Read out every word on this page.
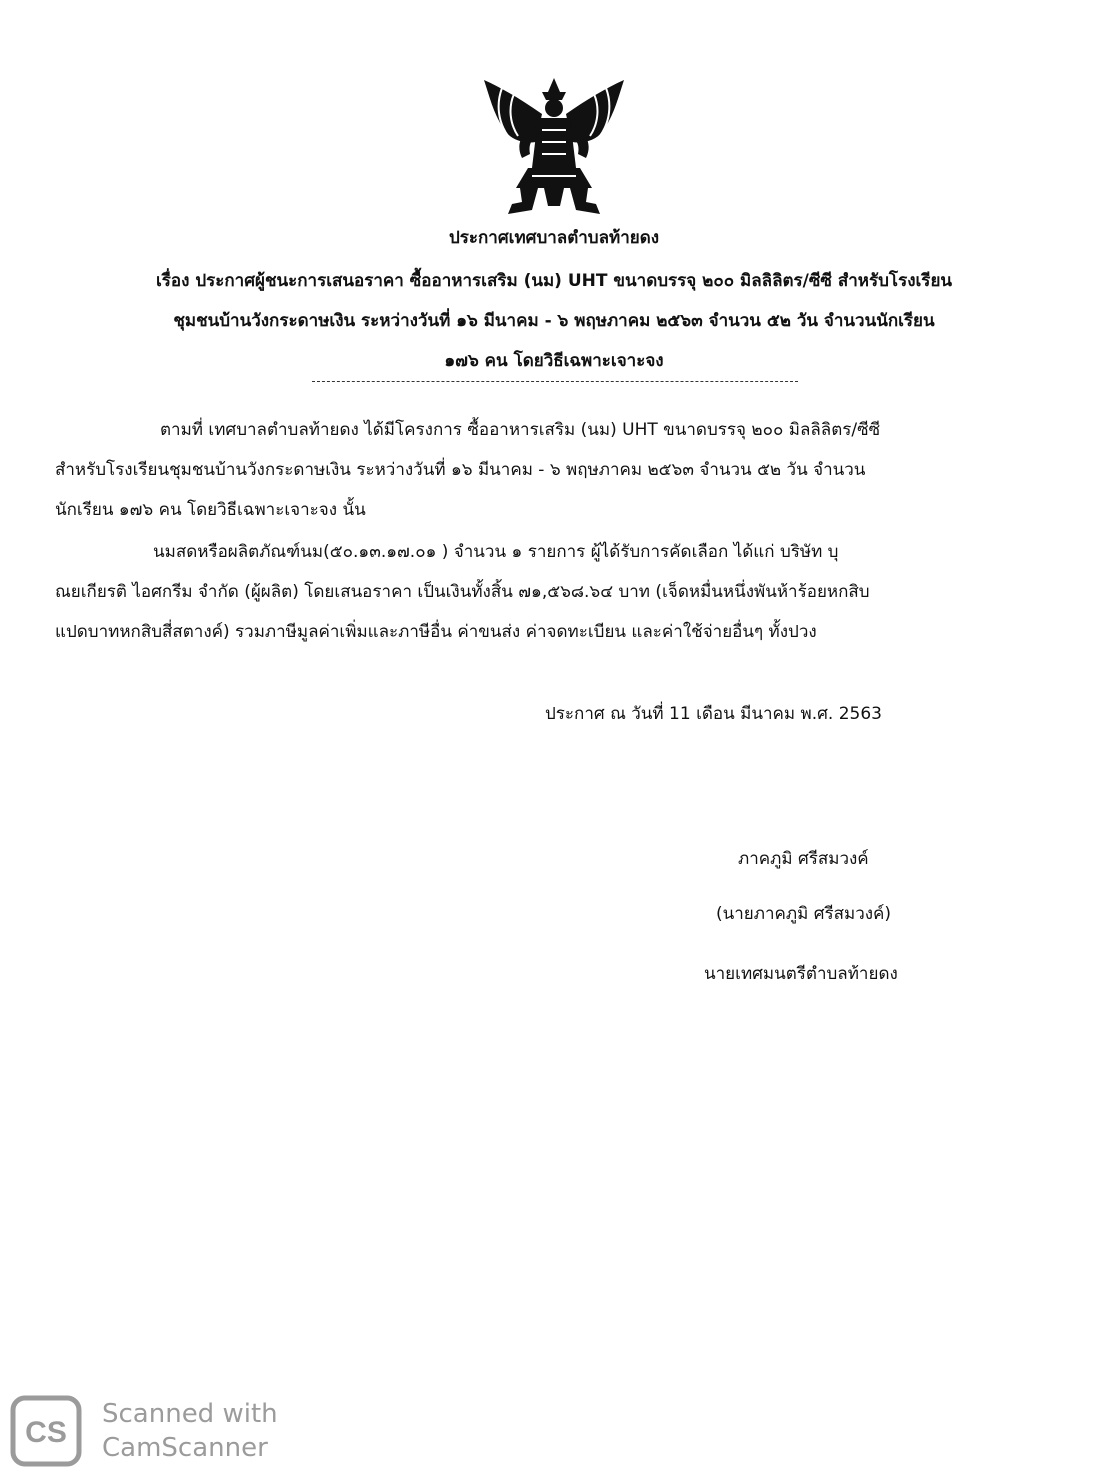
ประกาศเทศบาลตำบลท้ายดง
เรื่อง ประกาศผู้ชนะการเสนอราคา ซื้ออาหารเสริม (นม) UHT ขนาดบรรจุ ๒๐๐ มิลลิลิตร/ซีซี สำหรับโรงเรียน
ชุมชนบ้านวังกระดาษเงิน ระหว่างวันที่ ๑๖ มีนาคม - ๖ พฤษภาคม ๒๕๖๓ จำนวน ๕๒ วัน จำนวนนักเรียน
๑๗๖ คน โดยวิธีเฉพาะเจาะจง
ตามที่ เทศบาลตำบลท้ายดง ได้มีโครงการ ซื้ออาหารเสริม (นม) UHT ขนาดบรรจุ ๒๐๐ มิลลิลิตร/ซีซี
สำหรับโรงเรียนชุมชนบ้านวังกระดาษเงิน ระหว่างวันที่ ๑๖ มีนาคม - ๖ พฤษภาคม ๒๕๖๓ จำนวน ๕๒ วัน จำนวน
นักเรียน ๑๗๖ คน โดยวิธีเฉพาะเจาะจง นั้น
นมสดหรือผลิตภัณฑ์นม(๕๐.๑๓.๑๗.๐๑ ) จำนวน ๑ รายการ ผู้ได้รับการคัดเลือก ได้แก่ บริษัท บุ
ณยเกียรติ ไอศกรีม จำกัด (ผู้ผลิต) โดยเสนอราคา เป็นเงินทั้งสิ้น ๗๑,๕๖๘.๖๔ บาท (เจ็ดหมื่นหนึ่งพันห้าร้อยหกสิบ
แปดบาทหกสิบสี่สตางค์) รวมภาษีมูลค่าเพิ่มและภาษีอื่น ค่าขนส่ง ค่าจดทะเบียน และค่าใช้จ่ายอื่นๆ ทั้งปวง
ประกาศ ณ วันที่ 11 เดือน มีนาคม พ.ศ. 2563
ภาคภูมิ ศรีสมวงค์
(นายภาคภูมิ ศรีสมวงค์)
นายเทศมนตรีตำบลท้ายดง
CS
Scanned with
CamScanner
